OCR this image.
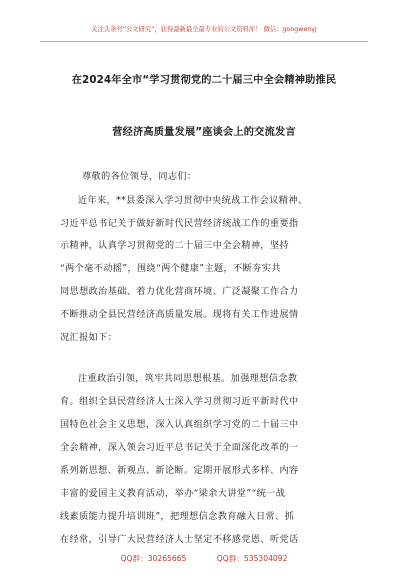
关注头条号“公文研究”，获得最新最全最专业的公文资料库！ 微信：gongwenyj
在2024年全市“学习贯彻党的二十届三中全会精神助推民
营经济高质量发展”座谈会上的交流发言
尊敬的各位领导，同志们：
近年来，**县委深入学习贯彻中央统战工作会议精神、
习近平总书记关于做好新时代民营经济统战工作的重要指
示精神，认真学习贯彻党的二十届三中全会精神，坚持
“两个毫不动摇”，围绕“两个健康”主题，不断夯实共
同思想政治基础、着力优化营商环境、广泛凝聚工作合力
不断推动全县民营经济高质量发展。现将有关工作进展情
况汇报如下：
注重政治引领，筑牢共同思想根基。加强理想信念教
育。组织全县民营经济人士深入学习贯彻习近平新时代中
国特色社会主义思想，深入认真组织学习党的二十届三中
全会精神，深入领会习近平总书记关于全面深化改革的一
系列新思想、新观点、新论断。定期开展形式多样、内容
丰富的爱国主义教育活动，举办“梁余大讲堂”“统一战
线素质能力提升培训班”，把理想信念教育融入日常、抓
在经常，引导广大民营经济人士坚定不移感党恩、听党话
QQ群：30265665	QQ群：535304092
